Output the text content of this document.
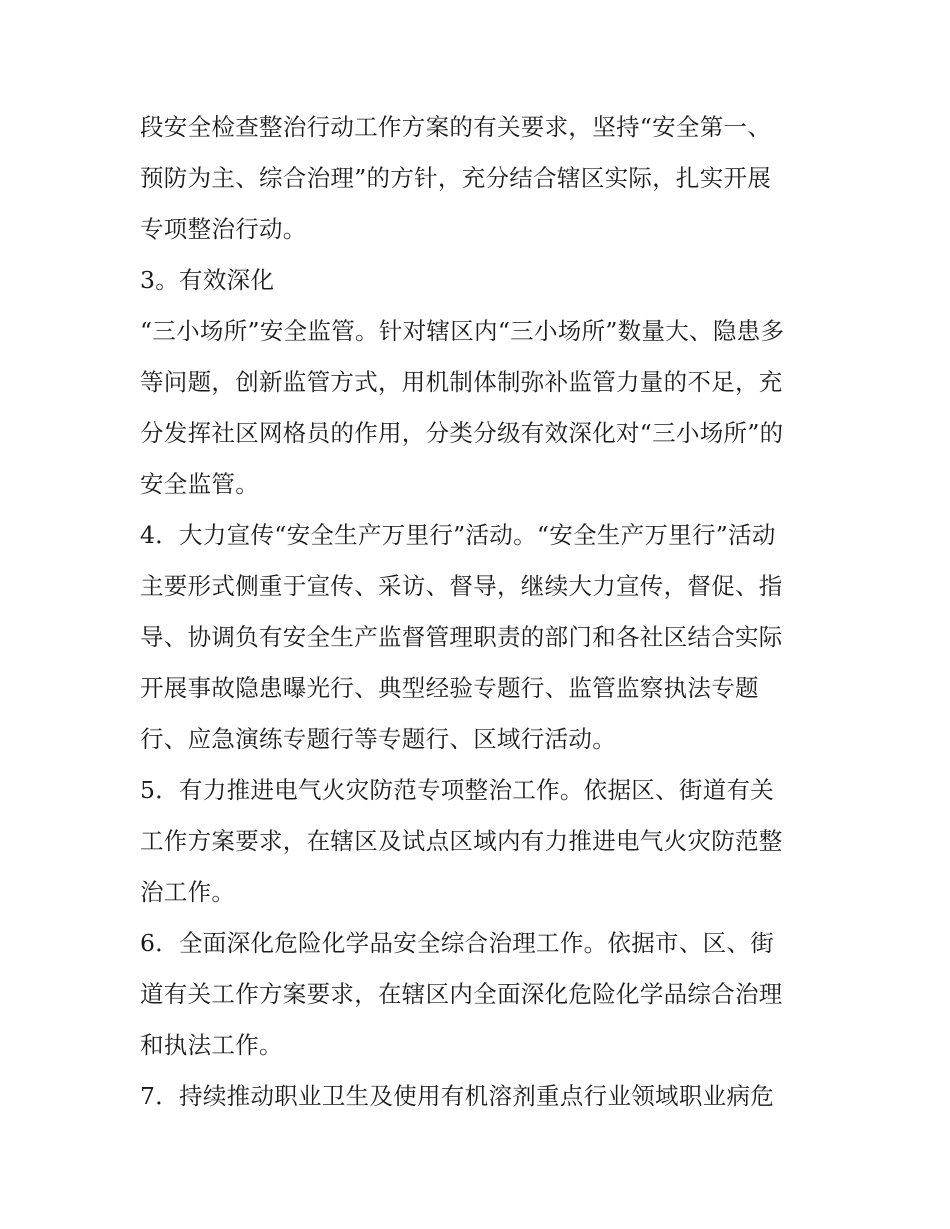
段安全检查整治行动工作方案的有关要求，坚持“安全第一、
预防为主、综合治理”的方针，充分结合辖区实际，扎实开展
专项整治行动。
3。有效深化
“三小场所”安全监管。针对辖区内“三小场所”数量大、隐患多
等问题，创新监管方式，用机制体制弥补监管力量的不足，充
分发挥社区网格员的作用，分类分级有效深化对“三小场所”的
安全监管。
4．大力宣传“安全生产万里行”活动。“安全生产万里行”活动
主要形式侧重于宣传、采访、督导，继续大力宣传，督促、指
导、协调负有安全生产监督管理职责的部门和各社区结合实际
开展事故隐患曝光行、典型经验专题行、监管监察执法专题
行、应急演练专题行等专题行、区域行活动。
5．有力推进电气火灾防范专项整治工作。依据区、街道有关
工作方案要求，在辖区及试点区域内有力推进电气火灾防范整
治工作。
6．全面深化危险化学品安全综合治理工作。依据市、区、街
道有关工作方案要求，在辖区内全面深化危险化学品综合治理
和执法工作。
7．持续推动职业卫生及使用有机溶剂重点行业领域职业病危
